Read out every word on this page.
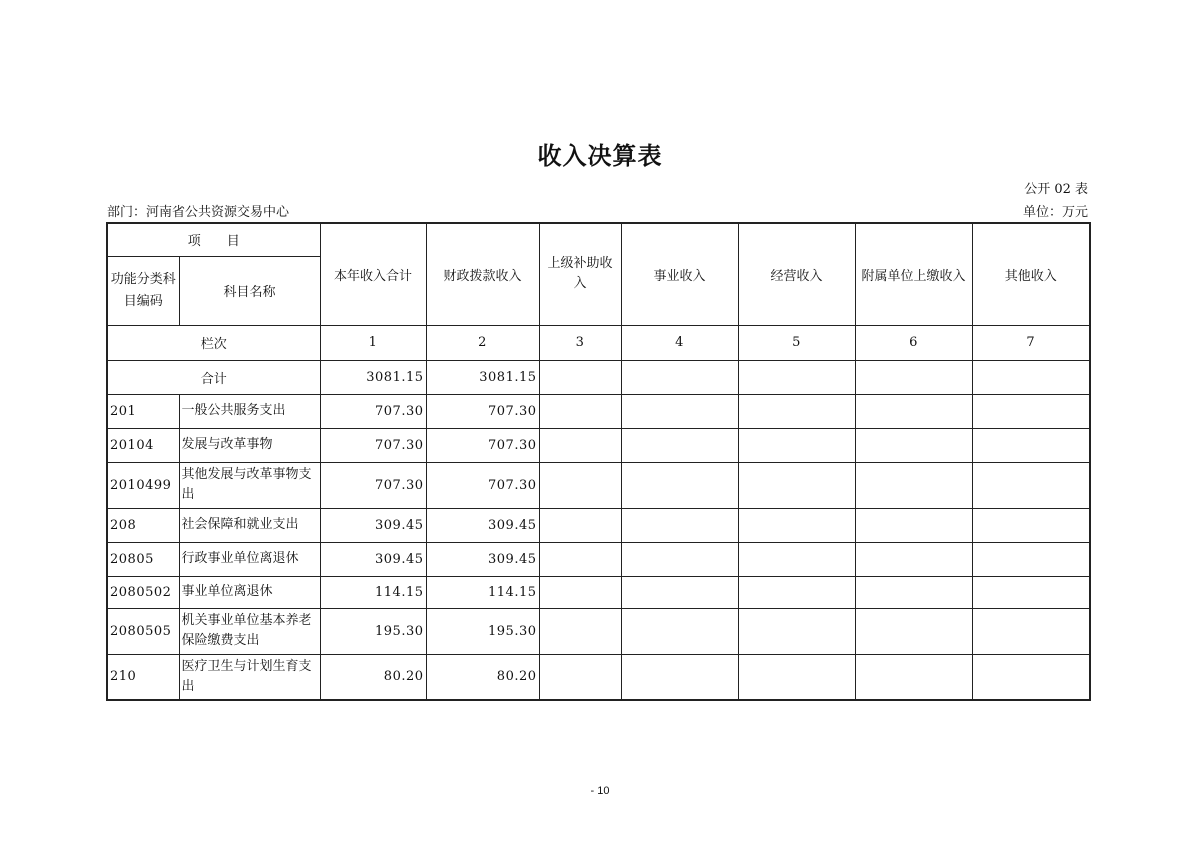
收入决算表
公开 02 表
部门：河南省公共资源交易中心	单位：万元
项　　目		本年收入合计	财政拨款收入	上级补助收入	事业收入	经营收入	附属单位上缴收入	其他收入
功能分类科目编码	科目名称							
栏次		1	2	3	4	5	6	7
合计		3081.15	3081.15					
201	一般公共服务支出	707.30	707.30					
20104	发展与改革事物	707.30	707.30					
2010499	其他发展与改革事物支出	707.30	707.30					
208	社会保障和就业支出	309.45	309.45					
20805	行政事业单位离退休	309.45	309.45					
2080502	事业单位离退休	114.15	114.15					
2080505	机关事业单位基本养老保险缴费支出	195.30	195.30					
210	医疗卫生与计划生育支出	80.20	80.20					
- 10
